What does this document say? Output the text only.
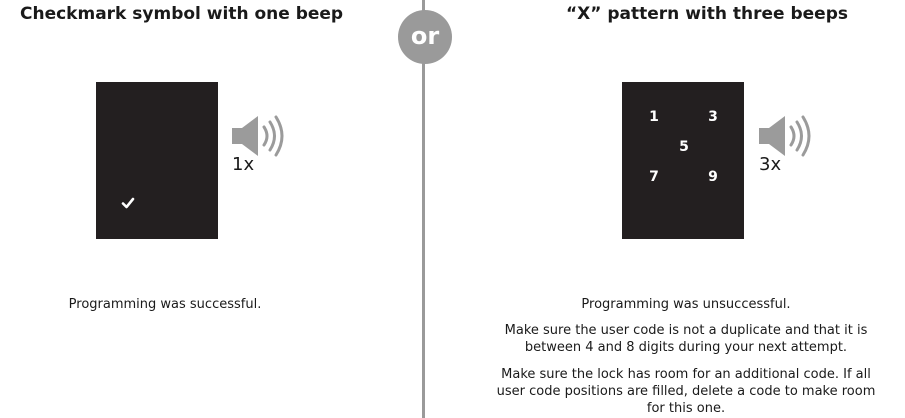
Checkmark symbol with one beep	“X” pattern with three beeps
or
1x
Programming was successful.
1	3
5
7	9
3x
Programming was unsuccessful.
Make sure the user code is not a duplicate and that it is between 4 and 8 digits during your next attempt.
Make sure the lock has room for an additional code. If all user code positions are filled, delete a code to make room for this one.
